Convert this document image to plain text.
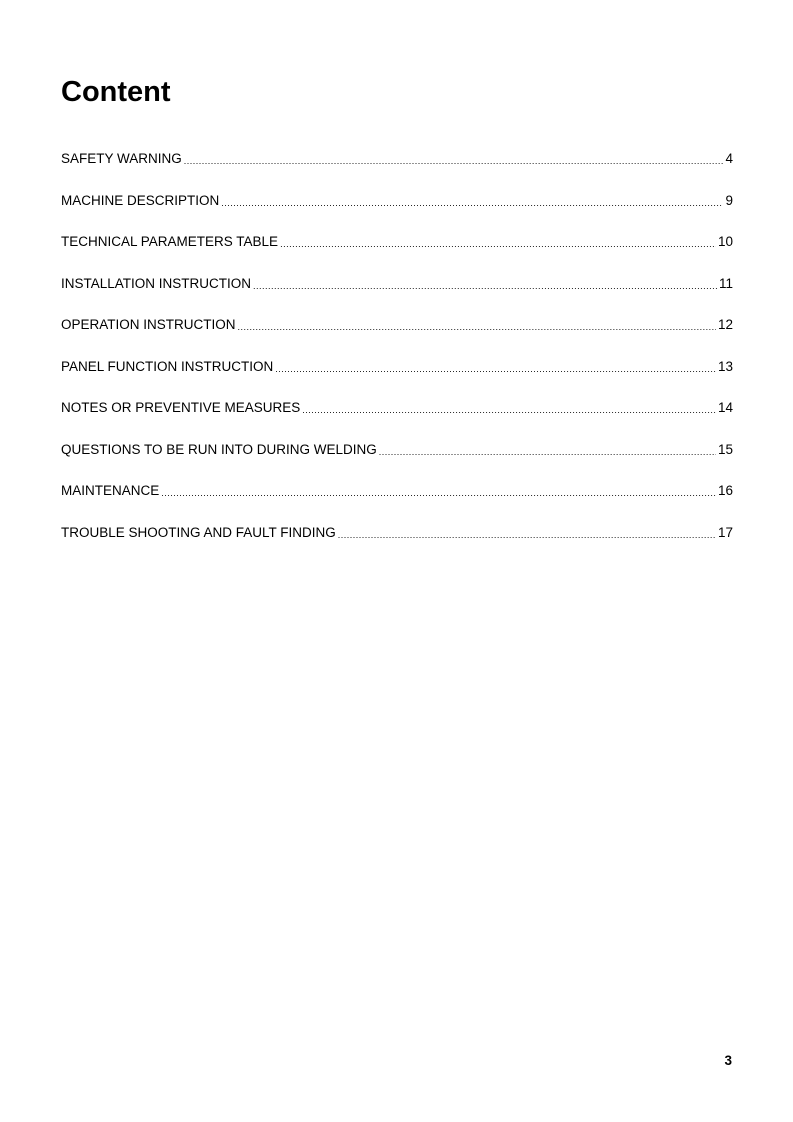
Content
SAFETY WARNING .....	4
MACHINE DESCRIPTION .....	9
TECHNICAL PARAMETERS TABLE .....	10
INSTALLATION INSTRUCTION .....	11
OPERATION INSTRUCTION .....	12
PANEL FUNCTION INSTRUCTION .....	13
NOTES OR PREVENTIVE MEASURES .....	14
QUESTIONS TO BE RUN INTO DURING WELDING .....	15
MAINTENANCE .....	16
TROUBLE SHOOTING AND FAULT FINDING .....	17
3
